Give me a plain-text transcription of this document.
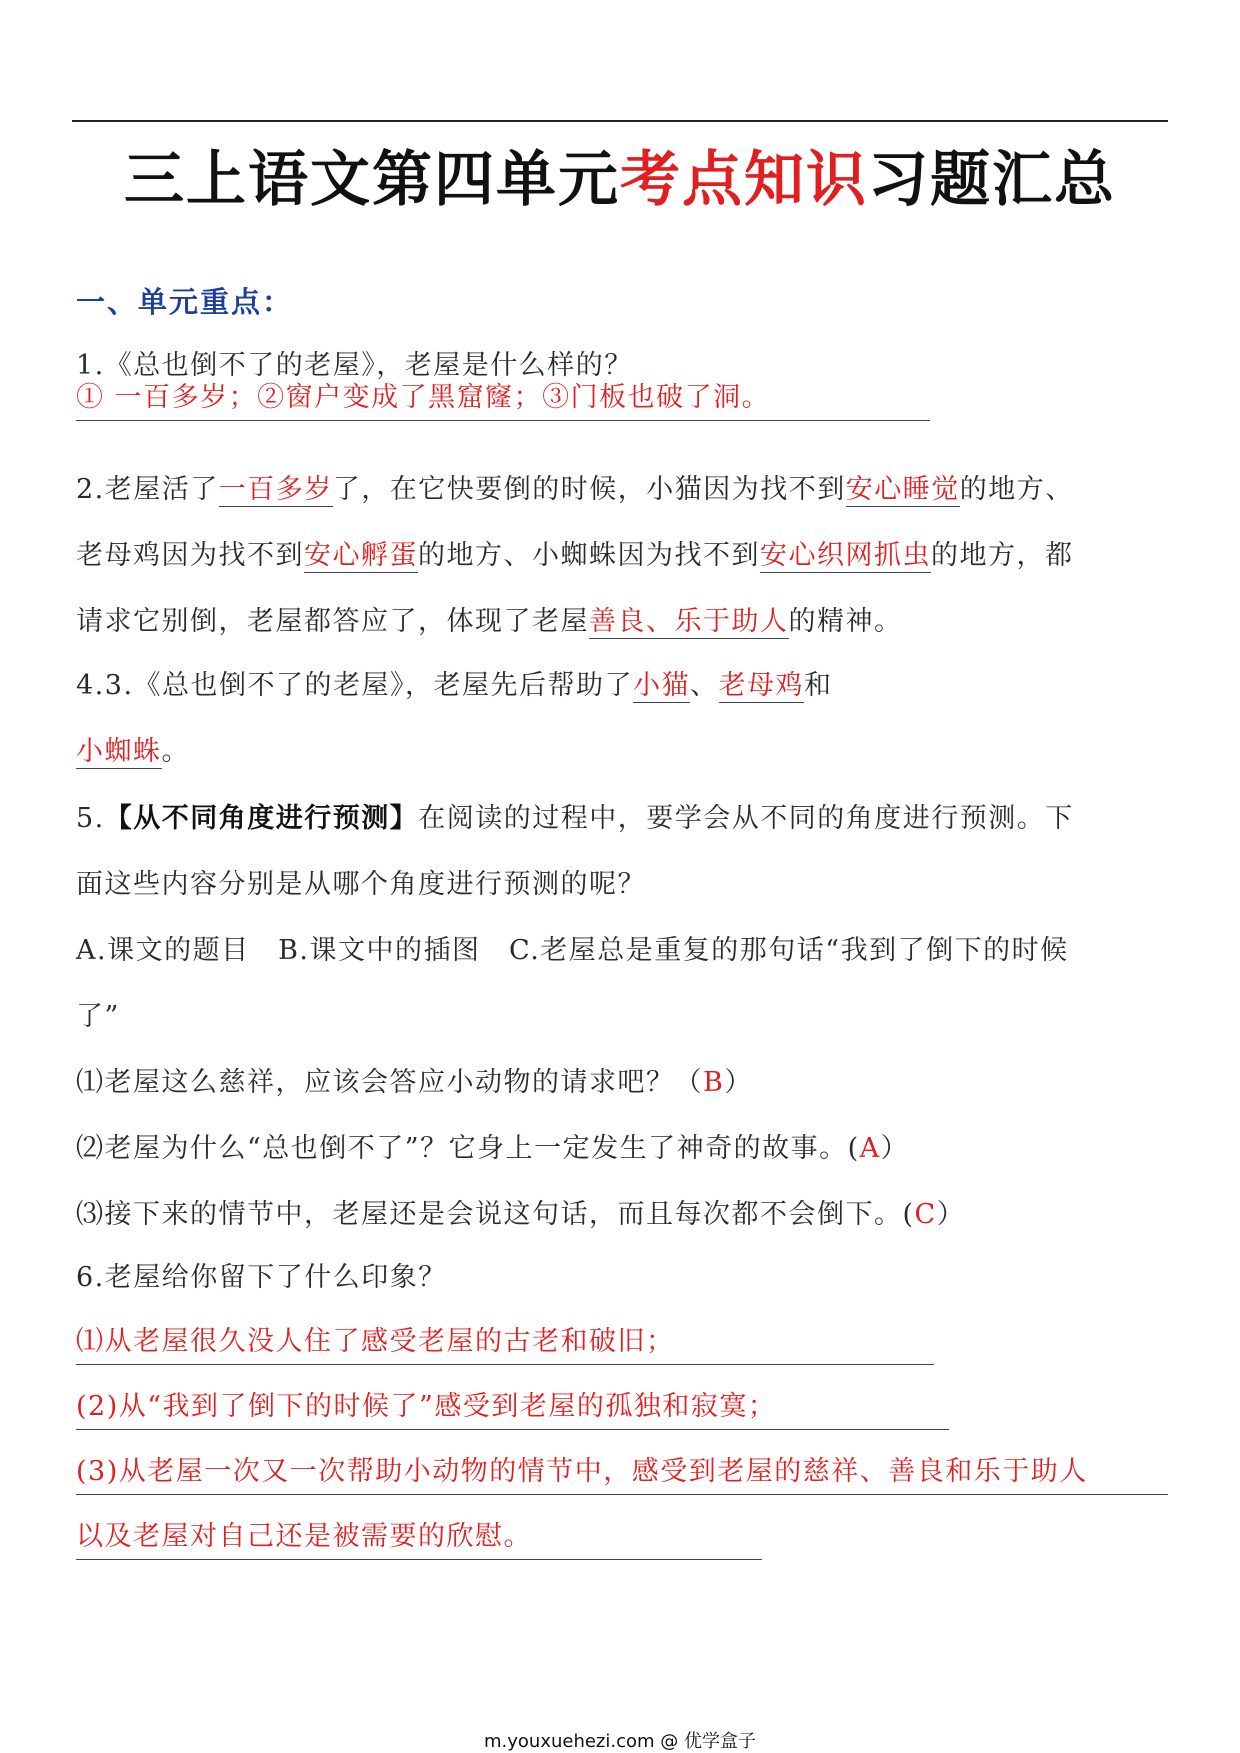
三上语文第四单元考点知识习题汇总
一、单元重点：
1.《总也倒不了的老屋》，老屋是什么样的？
① 一百多岁；②窗户变成了黑窟窿；③门板也破了洞。
2.老屋活了一百多岁了，在它快要倒的时候，小猫因为找不到安心睡觉的地方、
老母鸡因为找不到安心孵蛋的地方、小蜘蛛因为找不到安心织网抓虫的地方，都
请求它别倒，老屋都答应了，体现了老屋善良、乐于助人的精神。
4.3.《总也倒不了的老屋》，老屋先后帮助了小猫、老母鸡和
小蜘蛛。
5.【从不同角度进行预测】在阅读的过程中，要学会从不同的角度进行预测。下
面这些内容分别是从哪个角度进行预测的呢？
A.课文的题目　B.课文中的插图　C.老屋总是重复的那句话“我到了倒下的时候
了”
⑴老屋这么慈祥，应该会答应小动物的请求吧？（B）
⑵老屋为什么“总也倒不了”？它身上一定发生了神奇的故事。(A）
⑶接下来的情节中，老屋还是会说这句话，而且每次都不会倒下。(C）
6.老屋给你留下了什么印象？
⑴从老屋很久没人住了感受老屋的古老和破旧；
(2)从“我到了倒下的时候了”感受到老屋的孤独和寂寞；
(3)从老屋一次又一次帮助小动物的情节中，感受到老屋的慈祥、善良和乐于助人
以及老屋对自己还是被需要的欣慰。
m.youxuehezi.com @ 优学盒子
